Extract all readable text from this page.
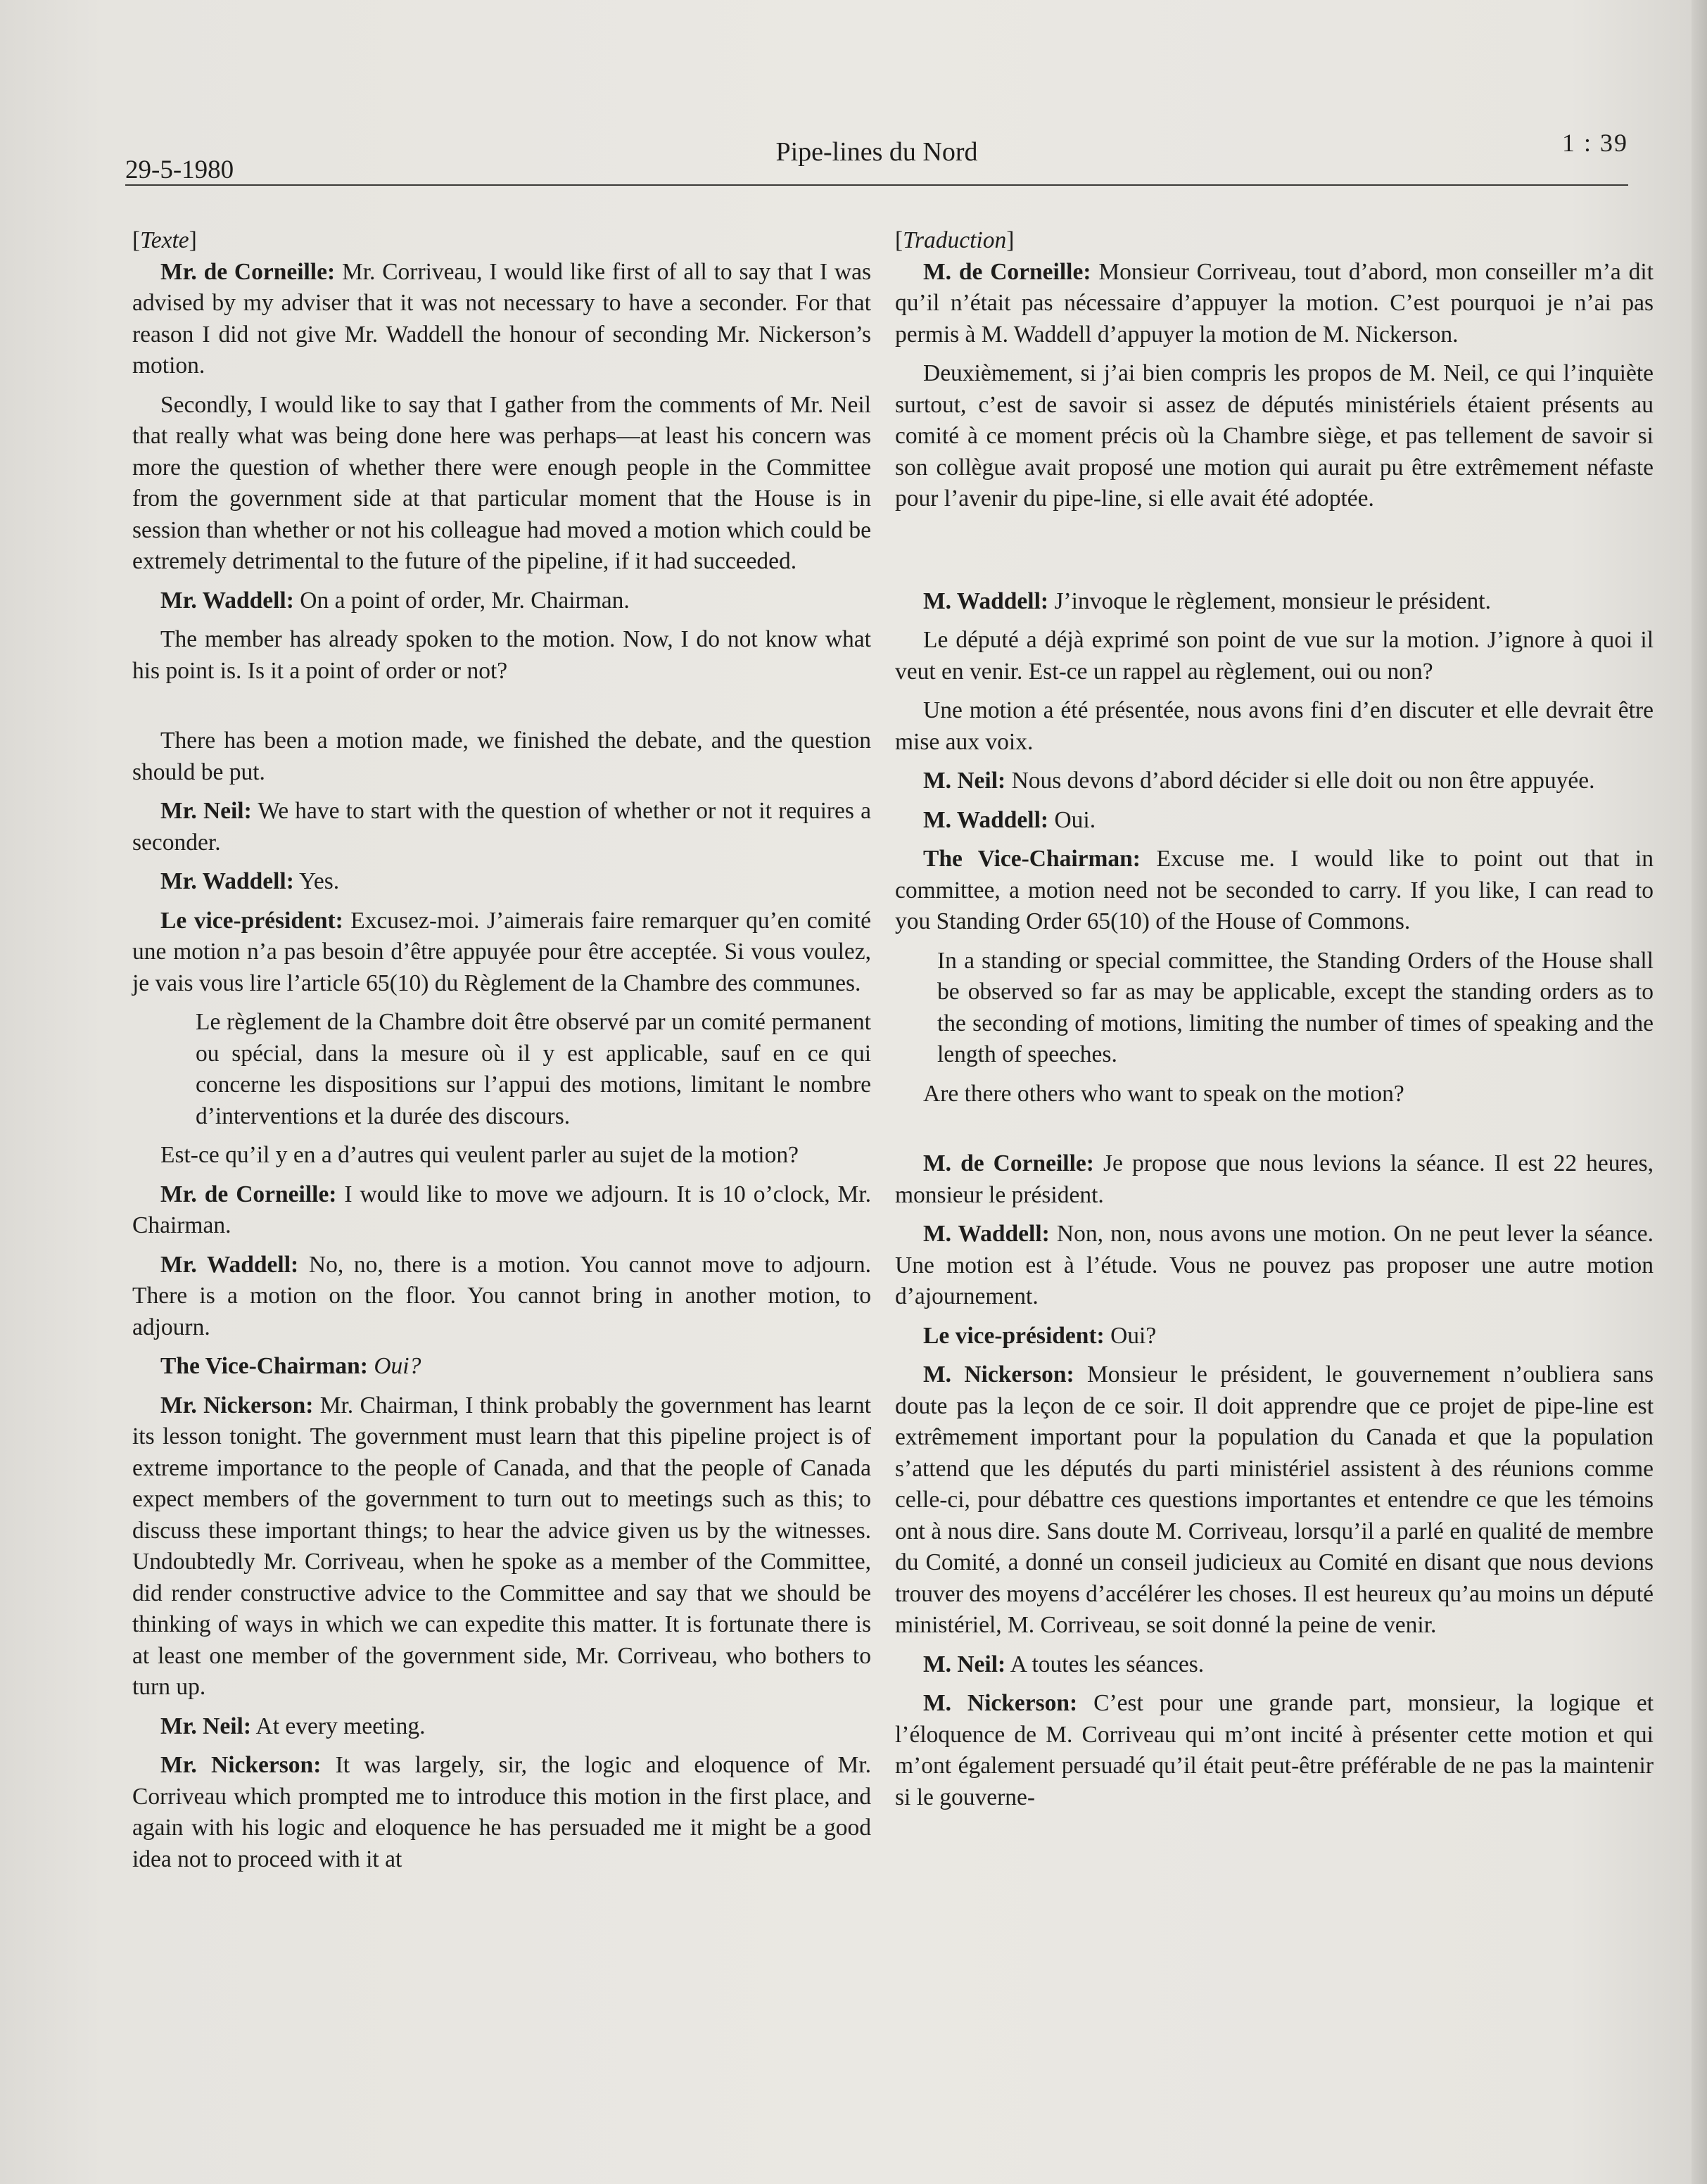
29-5-1980
Pipe-lines du Nord	1 : 39

[Texte]

Mr. de Corneille: Mr. Corriveau, I would like first of all to say that I was advised by my adviser that it was not necessary to have a seconder. For that reason I did not give Mr. Waddell the honour of seconding Mr. Nickerson’s motion.

Secondly, I would like to say that I gather from the comments of Mr. Neil that really what was being done here was perhaps—at least his concern was more the question of whether there were enough people in the Committee from the government side at that particular moment that the House is in session than whether or not his colleague had moved a motion which could be extremely detrimental to the future of the pipeline, if it had succeeded.

Mr. Waddell: On a point of order, Mr. Chairman.

The member has already spoken to the motion. Now, I do not know what his point is. Is it a point of order or not?

There has been a motion made, we finished the debate, and the question should be put.

Mr. Neil: We have to start with the question of whether or not it requires a seconder.

Mr. Waddell: Yes.

Le vice-président: Excusez-moi. J’aimerais faire remarquer qu’en comité une motion n’a pas besoin d’être appuyée pour être acceptée. Si vous voulez, je vais vous lire l’article 65(10) du Règlement de la Chambre des communes.

Le règlement de la Chambre doit être observé par un comité permanent ou spécial, dans la mesure où il y est applicable, sauf en ce qui concerne les dispositions sur l’appui des motions, limitant le nombre d’interventions et la durée des discours.

Est-ce qu’il y en a d’autres qui veulent parler au sujet de la motion?

Mr. de Corneille: I would like to move we adjourn. It is 10 o’clock, Mr. Chairman.

Mr. Waddell: No, no, there is a motion. You cannot move to adjourn. There is a motion on the floor. You cannot bring in another motion, to adjourn.

The Vice-Chairman: Oui?

Mr. Nickerson: Mr. Chairman, I think probably the government has learnt its lesson tonight. The government must learn that this pipeline project is of extreme importance to the people of Canada, and that the people of Canada expect members of the government to turn out to meetings such as this; to discuss these important things; to hear the advice given us by the witnesses. Undoubtedly Mr. Corriveau, when he spoke as a member of the Committee, did render constructive advice to the Committee and say that we should be thinking of ways in which we can expedite this matter. It is fortunate there is at least one member of the government side, Mr. Corriveau, who bothers to turn up.

Mr. Neil: At every meeting.

Mr. Nickerson: It was largely, sir, the logic and eloquence of Mr. Corriveau which prompted me to introduce this motion in the first place, and again with his logic and eloquence he has persuaded me it might be a good idea not to proceed with it at

[Traduction]

M. de Corneille: Monsieur Corriveau, tout d’abord, mon conseiller m’a dit qu’il n’était pas nécessaire d’appuyer la motion. C’est pourquoi je n’ai pas permis à M. Waddell d’appuyer la motion de M. Nickerson.

Deuxièmement, si j’ai bien compris les propos de M. Neil, ce qui l’inquiète surtout, c’est de savoir si assez de députés ministériels étaient présents au comité à ce moment précis où la Chambre siège, et pas tellement de savoir si son collègue avait proposé une motion qui aurait pu être extrêmement néfaste pour l’avenir du pipe-line, si elle avait été adoptée.

M. Waddell: J’invoque le règlement, monsieur le président.

Le député a déjà exprimé son point de vue sur la motion. J’ignore à quoi il veut en venir. Est-ce un rappel au règlement, oui ou non?

Une motion a été présentée, nous avons fini d’en discuter et elle devrait être mise aux voix.

M. Neil: Nous devons d’abord décider si elle doit ou non être appuyée.

M. Waddell: Oui.

The Vice-Chairman: Excuse me. I would like to point out that in committee, a motion need not be seconded to carry. If you like, I can read to you Standing Order 65(10) of the House of Commons.

In a standing or special committee, the Standing Orders of the House shall be observed so far as may be applicable, except the standing orders as to the seconding of motions, limiting the number of times of speaking and the length of speeches.

Are there others who want to speak on the motion?

M. de Corneille: Je propose que nous levions la séance. Il est 22 heures, monsieur le président.

M. Waddell: Non, non, nous avons une motion. On ne peut lever la séance. Une motion est à l’étude. Vous ne pouvez pas proposer une autre motion d’ajournement.

Le vice-président: Oui?

M. Nickerson: Monsieur le président, le gouvernement n’oubliera sans doute pas la leçon de ce soir. Il doit apprendre que ce projet de pipe-line est extrêmement important pour la population du Canada et que la population s’attend que les députés du parti ministériel assistent à des réunions comme celle-ci, pour débattre ces questions importantes et entendre ce que les témoins ont à nous dire. Sans doute M. Corriveau, lorsqu’il a parlé en qualité de membre du Comité, a donné un conseil judicieux au Comité en disant que nous devions trouver des moyens d’accélérer les choses. Il est heureux qu’au moins un député ministériel, M. Corriveau, se soit donné la peine de venir.

M. Neil: A toutes les séances.

M. Nickerson: C’est pour une grande part, monsieur, la logique et l’éloquence de M. Corriveau qui m’ont incité à présenter cette motion et qui m’ont également persuadé qu’il était peut-être préférable de ne pas la maintenir si le gouverne-
